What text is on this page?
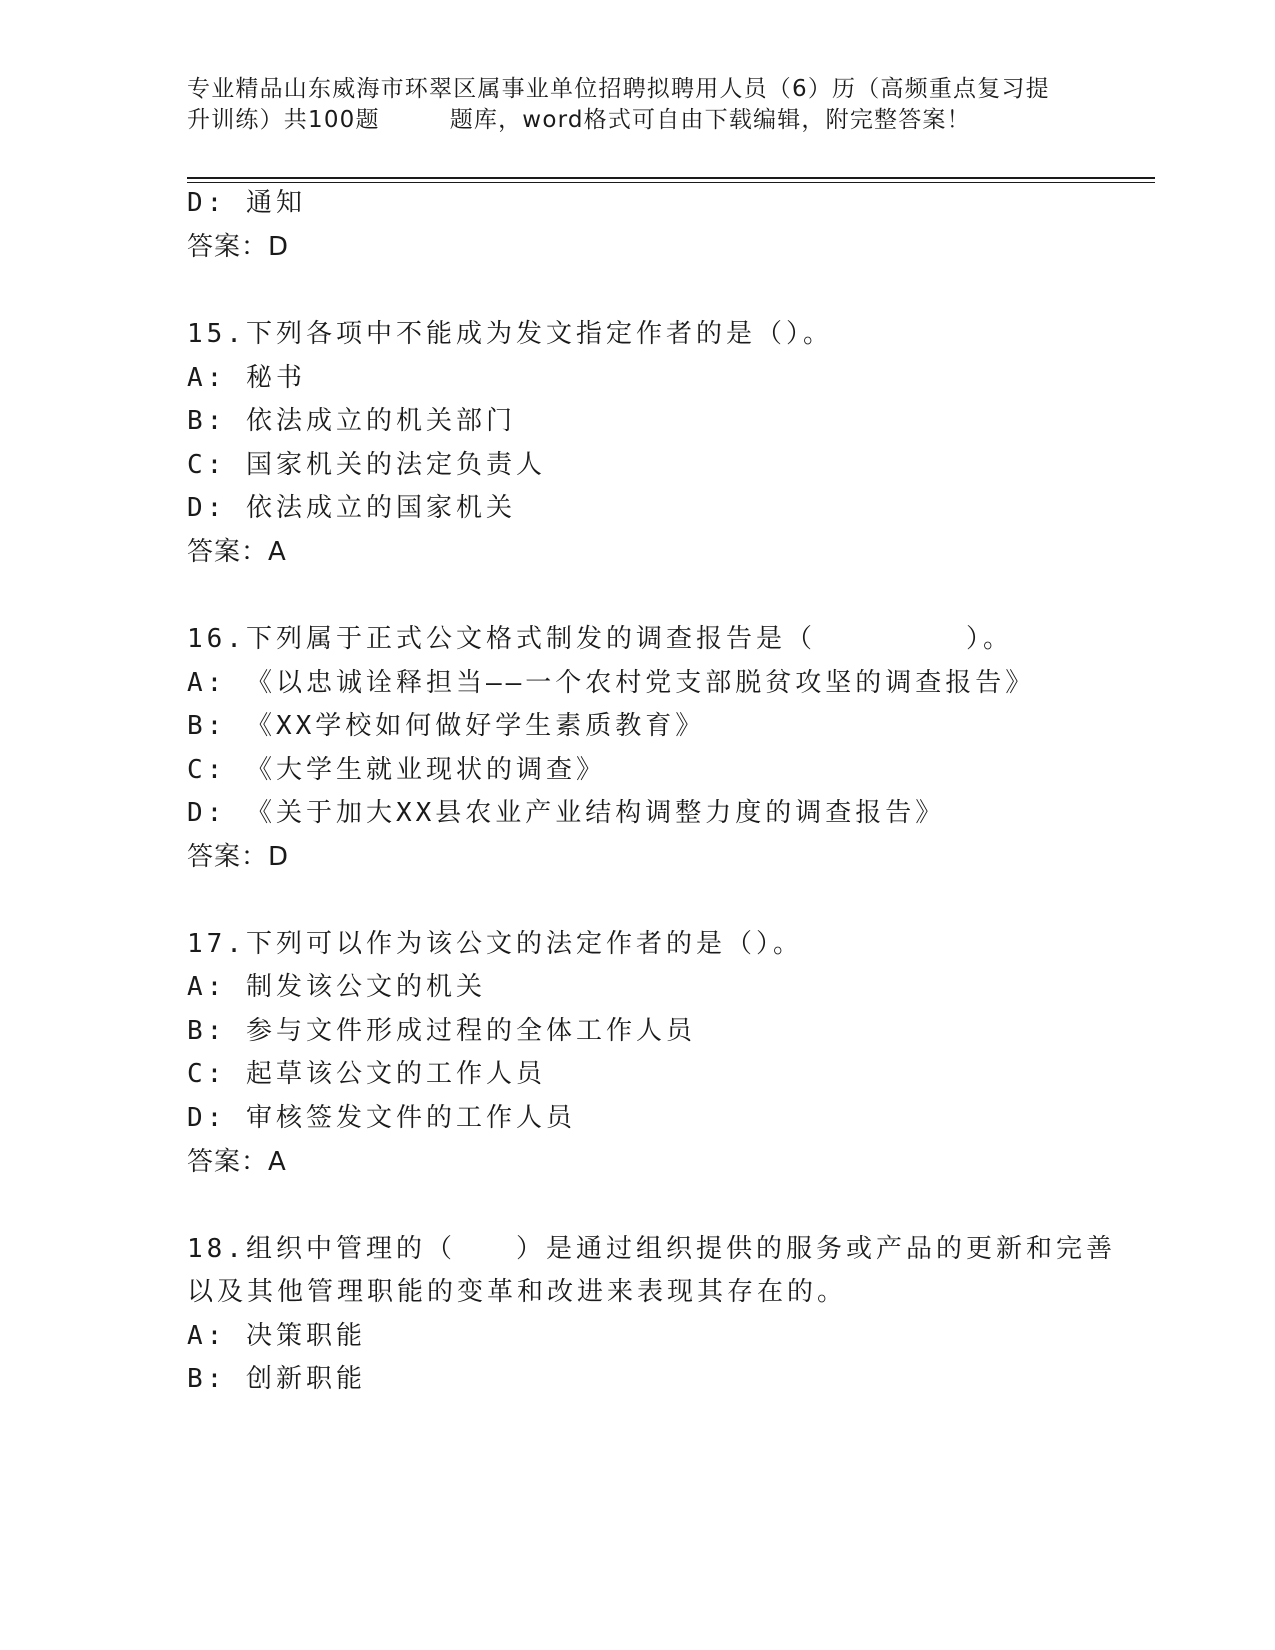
专业精品山东威海市环翠区属事业单位招聘拟聘用人员（6）历（高频重点复习提
升训练）共100题	题库，word格式可自由下载编辑，附完整答案！
D: 通知
答案：D
15.下列各项中不能成为发文指定作者的是（）。
A: 秘书
B: 依法成立的机关部门
C: 国家机关的法定负责人
D: 依法成立的国家机关
答案：A
16.下列属于正式公文格式制发的调查报告是（　　　　　）。
A: 《以忠诚诠释担当——一个农村党支部脱贫攻坚的调查报告》
B: 《XX学校如何做好学生素质教育》
C: 《大学生就业现状的调查》
D: 《关于加大XX县农业产业结构调整力度的调查报告》
答案：D
17.下列可以作为该公文的法定作者的是（）。
A: 制发该公文的机关
B: 参与文件形成过程的全体工作人员
C: 起草该公文的工作人员
D: 审核签发文件的工作人员
答案：A
18.组织中管理的（　　）是通过组织提供的服务或产品的更新和完善
以及其他管理职能的变革和改进来表现其存在的。
A: 决策职能
B: 创新职能
